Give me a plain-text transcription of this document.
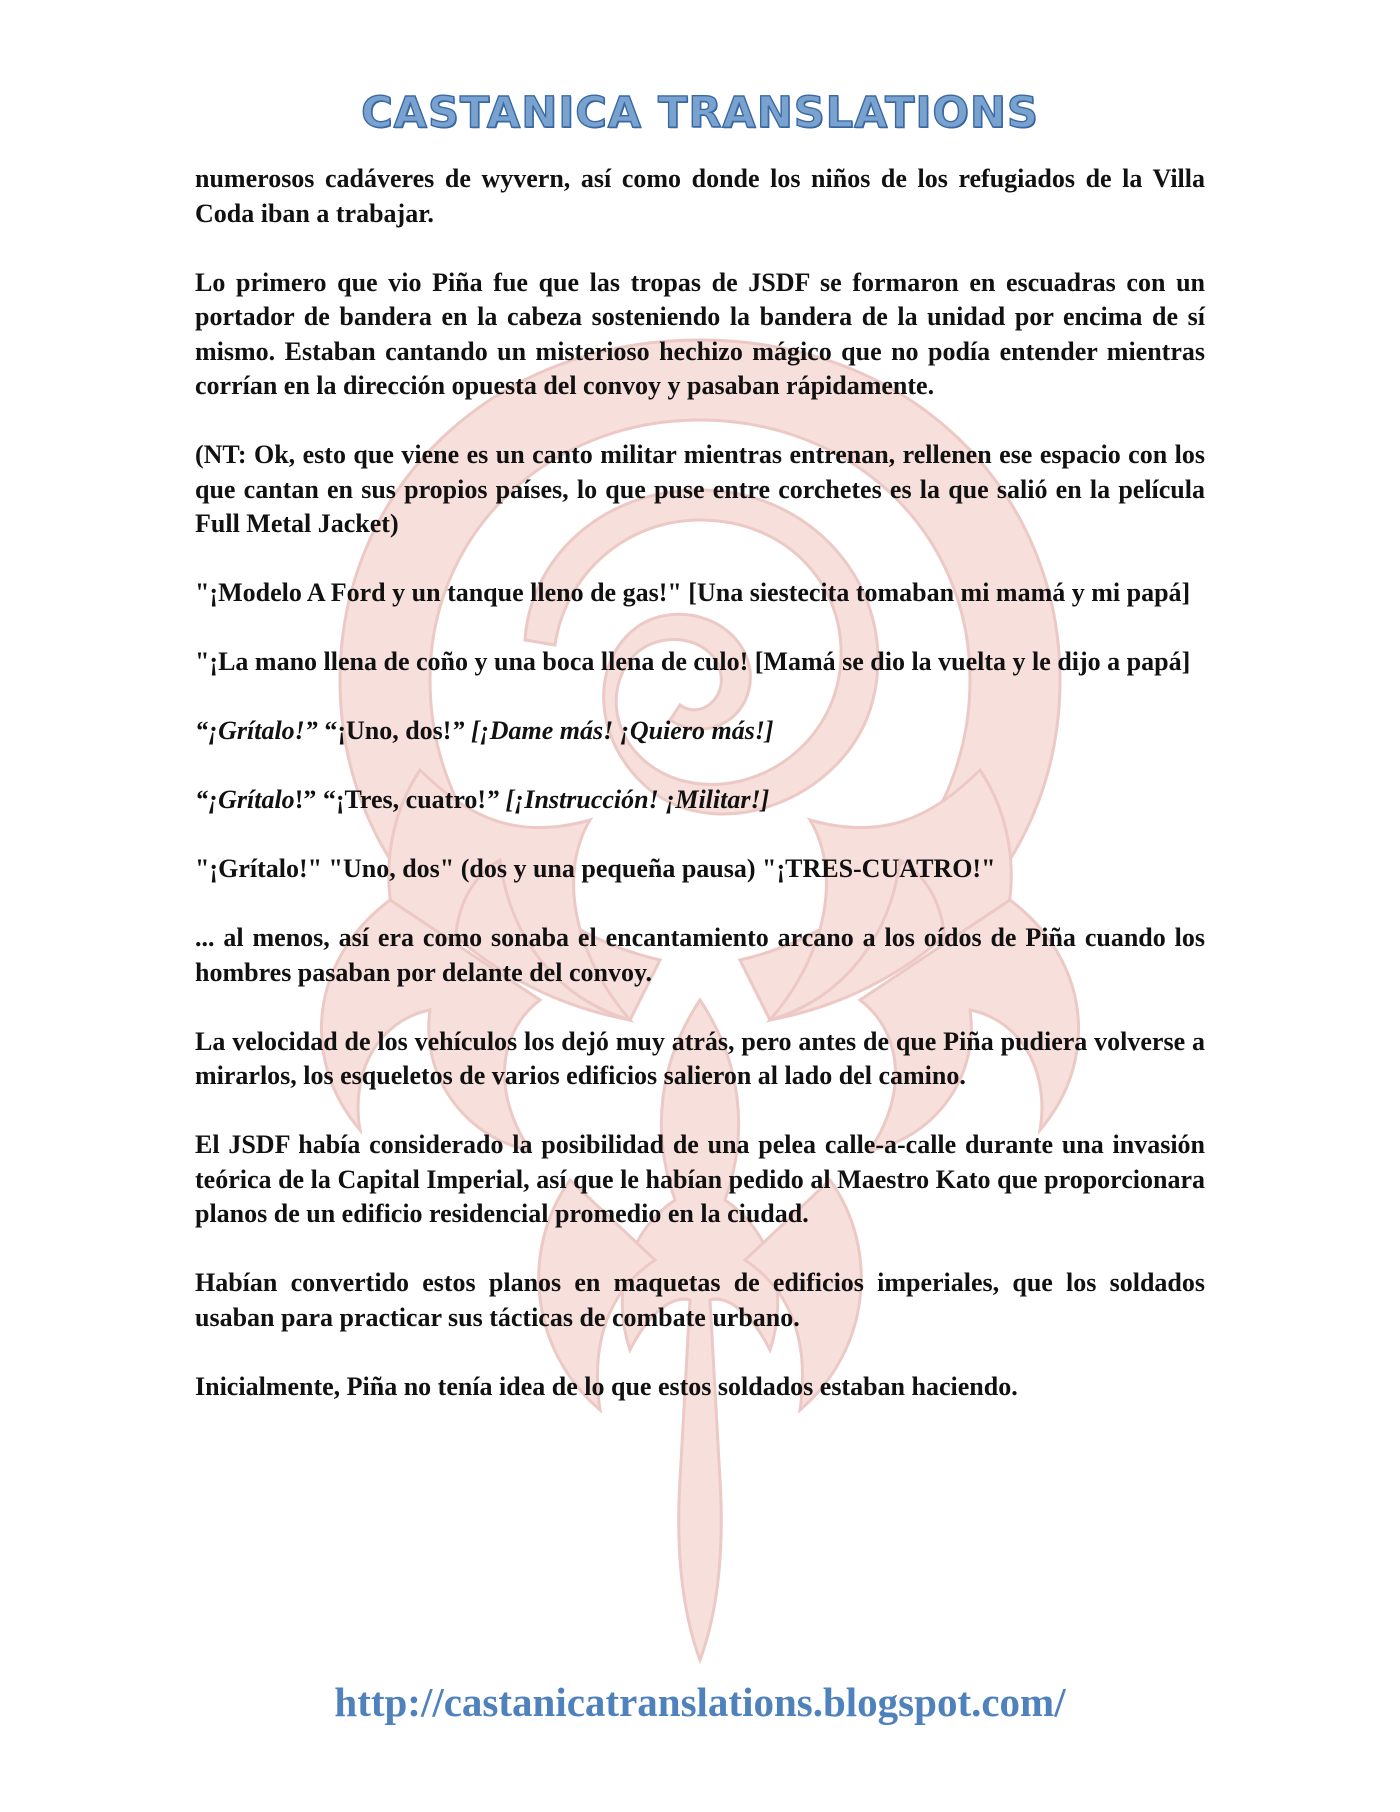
CASTANICA TRANSLATIONS

numerosos cadáveres de wyvern, así como donde los niños de los refugiados de la Villa Coda iban a trabajar.

Lo primero que vio Piña fue que las tropas de JSDF se formaron en escuadras con un portador de bandera en la cabeza sosteniendo la bandera de la unidad por encima de sí mismo. Estaban cantando un misterioso hechizo mágico que no podía entender mientras corrían en la dirección opuesta del convoy y pasaban rápidamente.

(NT: Ok, esto que viene es un canto militar mientras entrenan, rellenen ese espacio con los que cantan en sus propios países, lo que puse entre corchetes es la que salió en la película Full Metal Jacket)

"¡Modelo A Ford y un tanque lleno de gas!" [Una siestecita tomaban mi mamá y mi papá]

"¡La mano llena de coño y una boca llena de culo! [Mamá se dio la vuelta y le dijo a papá]

“¡Grítalo!” “¡Uno, dos!” [¡Dame más! ¡Quiero más!]

“¡Grítalo!” “¡Tres, cuatro!” [¡Instrucción! ¡Militar!]

"¡Grítalo!" "Uno, dos" (dos y una pequeña pausa) "¡TRES-CUATRO!"

... al menos, así era como sonaba el encantamiento arcano a los oídos de Piña cuando los hombres pasaban por delante del convoy.

La velocidad de los vehículos los dejó muy atrás, pero antes de que Piña pudiera volverse a mirarlos, los esqueletos de varios edificios salieron al lado del camino.

El JSDF había considerado la posibilidad de una pelea calle-a-calle durante una invasión teórica de la Capital Imperial, así que le habían pedido al Maestro Kato que proporcionara planos de un edificio residencial promedio en la ciudad.

Habían convertido estos planos en maquetas de edificios imperiales, que los soldados usaban para practicar sus tácticas de combate urbano.

Inicialmente, Piña no tenía idea de lo que estos soldados estaban haciendo.

http://castanicatranslations.blogspot.com/
